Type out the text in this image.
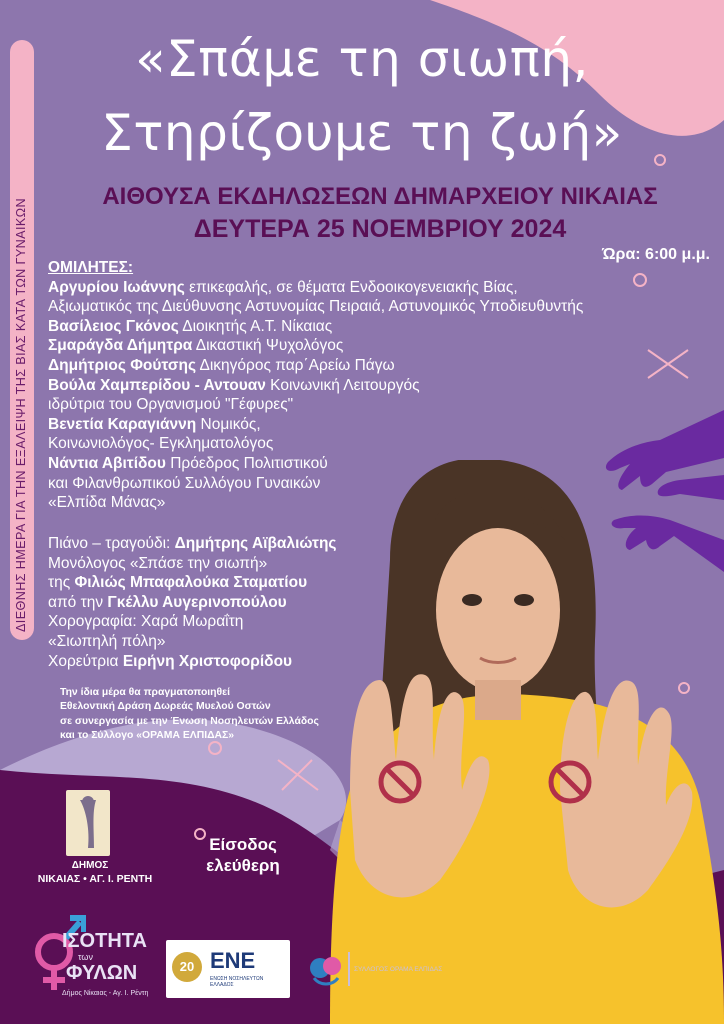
«Σπάμε τη σιωπή,
Στηρίζουμε τη ζωή»
ΑΙΘΟΥΣΑ ΕΚΔΗΛΩΣΕΩΝ ΔΗΜΑΡΧΕΙΟΥ ΝΙΚΑΙΑΣ
ΔΕΥΤΕΡΑ 25 ΝΟΕΜΒΡΙΟΥ 2024
Ώρα: 6:00 μ.μ.
ΔΙΕΘΝΗΣ ΗΜΕΡΑ ΓΙΑ ΤΗΝ ΕΞΑΛΕΙΨΗ ΤΗΣ ΒΙΑΣ ΚΑΤΑ ΤΩΝ ΓΥΝΑΙΚΩΝ ΟΜΙΛΗΤΕΣ:
Αργυρίου Ιωάννης επικεφαλής, σε θέματα Ενδοοικογενειακής Βίας,
Αξιωματικός της Διεύθυνσης Αστυνομίας Πειραιά, Αστυνομικός Υποδιευθυντής
Βασίλειος Γκόνος Διοικητής Α.Τ. Νίκαιας
Σμαράγδα Δήμητρα Δικαστική Ψυχολόγος
Δημήτριος Φούτσης Δικηγόρος παρ΄Αρείω Πάγω
Βούλα Χαμπερίδου - Αντουαν Κοινωνική Λειτουργός
ιδρύτρια του Οργανισμού "Γέφυρες"
Βενετία Καραγιάννη Νομικός,
Κοινωνιολόγος- Εγκληματολόγος
Νάντια Αβιτίδου Πρόεδρος Πολιτιστικού
και Φιλανθρωπικού Συλλόγου Γυναικών
«Ελπίδα Μάνας»
Πιάνο – τραγούδι: Δημήτρης Αϊβαλιώτης
Μονόλογος «Σπάσε την σιωπή»
της Φιλιώς Μπαφαλούκα Σταματίου
από την Γκέλλυ Αυγερινοπούλου
Χορογραφία: Χαρά Μωραΐτη
«Σιωπηλή πόλη»
Χορεύτρια Ειρήνη Χριστοφορίδου
Την ίδια μέρα θα πραγματοποιηθεί
Εθελοντική Δράση Δωρεάς Μυελού Οστών
σε συνεργασία με την Ένωση Νοσηλευτών Ελλάδος
και το Σύλλογο «ΟΡΑΜΑ ΕΛΠΙΔΑΣ»
Είσοδος
ελεύθερη
ΔΗΜΟΣ
ΝΙΚΑΙΑΣ • ΑΓ. Ι. ΡΕΝΤΗ
ΙΣΟΤΗΤΑ
των
ΦΥΛΩΝ
Δήμος Νίκαιας - Αγ. Ι. Ρέντη
20 ΕΝΕ
ΕΝΩΣΗ ΝΟΣΗΛΕΥΤΩΝ ΕΛΛΑΔΟΣ
ΣΥΛΛΟΓΟΣ ΟΡΑΜΑ ΕΛΠΙΔΑΣ
